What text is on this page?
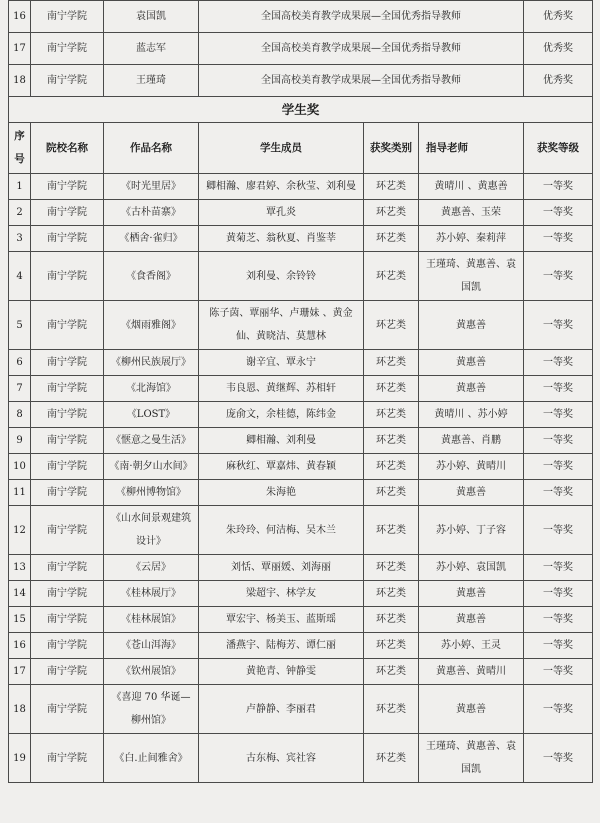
16	南宁学院	袁国凯	全国高校美育教学成果展—全国优秀指导教师			优秀奖
17	南宁学院	蓝志军	全国高校美育教学成果展—全国优秀指导教师			优秀奖
18	南宁学院	王瑾琦	全国高校美育教学成果展—全国优秀指导教师			优秀奖
学生奖						
序号	院校名称	作品名称	学生成员	获奖类别	指导老师	获奖等级
1	南宁学院	《时光里居》	卿相瀚、廖君婷、余秋莹、刘利曼	环艺类	黄晴川 、黄惠善	一等奖
2	南宁学院	《古朴苗寨》	覃孔炎	环艺类	黄惠善、玉荣	一等奖
3	南宁学院	《栖舍·雀归》	黄菊芝、翁秋夏、肖鉴莘	环艺类	苏小婷、秦莉萍	一等奖
4	南宁学院	《食香阁》	刘利曼、余铃铃	环艺类	王瑾琦、黄惠善、袁国凯	一等奖
5	南宁学院	《烟雨雅阁》	陈子茵、覃丽华、卢珊妹 、黄金仙、黄晓洁、莫慧林	环艺类	黄惠善	一等奖
6	南宁学院	《柳州民族展厅》	谢辛宜、覃永宁	环艺类	黄惠善	一等奖
7	南宁学院	《北海馆》	韦良恩、黄继辉、苏相轩	环艺类	黄惠善	一等奖
8	南宁学院	《LOST》	庞俞文，余桂德，陈纬金	环艺类	黄晴川 、苏小婷	一等奖
9	南宁学院	《惬意之曼生活》	卿相瀚、刘利曼	环艺类	黄惠善、肖鹏	一等奖
10	南宁学院	《南·朝夕山水间》	麻秋红、覃嘉炜、黄春颖	环艺类	苏小婷、黄晴川	一等奖
11	南宁学院	《柳州博物馆》	朱海艳	环艺类	黄惠善	一等奖
12	南宁学院	《山水间景观建筑设计》	朱玲玲、何洁梅、吴木兰	环艺类	苏小婷、丁子容	一等奖
13	南宁学院	《云居》	刘恬、覃丽媛、刘海丽	环艺类	苏小婷、袁国凯	一等奖
14	南宁学院	《桂林展厅》	梁超宇、林学友	环艺类	黄惠善	一等奖
15	南宁学院	《桂林展馆》	覃宏宇、杨美玉、蓝斯瑶	环艺类	黄惠善	一等奖
16	南宁学院	《苍山洱海》	潘燕宇、陆梅芳、谭仁丽	环艺类	苏小婷、王灵	一等奖
17	南宁学院	《钦州展馆》	黄艳青、钟静雯	环艺类	黄惠善、黄晴川	一等奖
18	南宁学院	《喜迎 70 华诞—柳州馆》	卢静静、李丽君	环艺类	黄惠善	一等奖
19	南宁学院	《白.止间雅舍》	古东梅、宾社容	环艺类	王瑾琦、黄惠善、袁国凯	一等奖
